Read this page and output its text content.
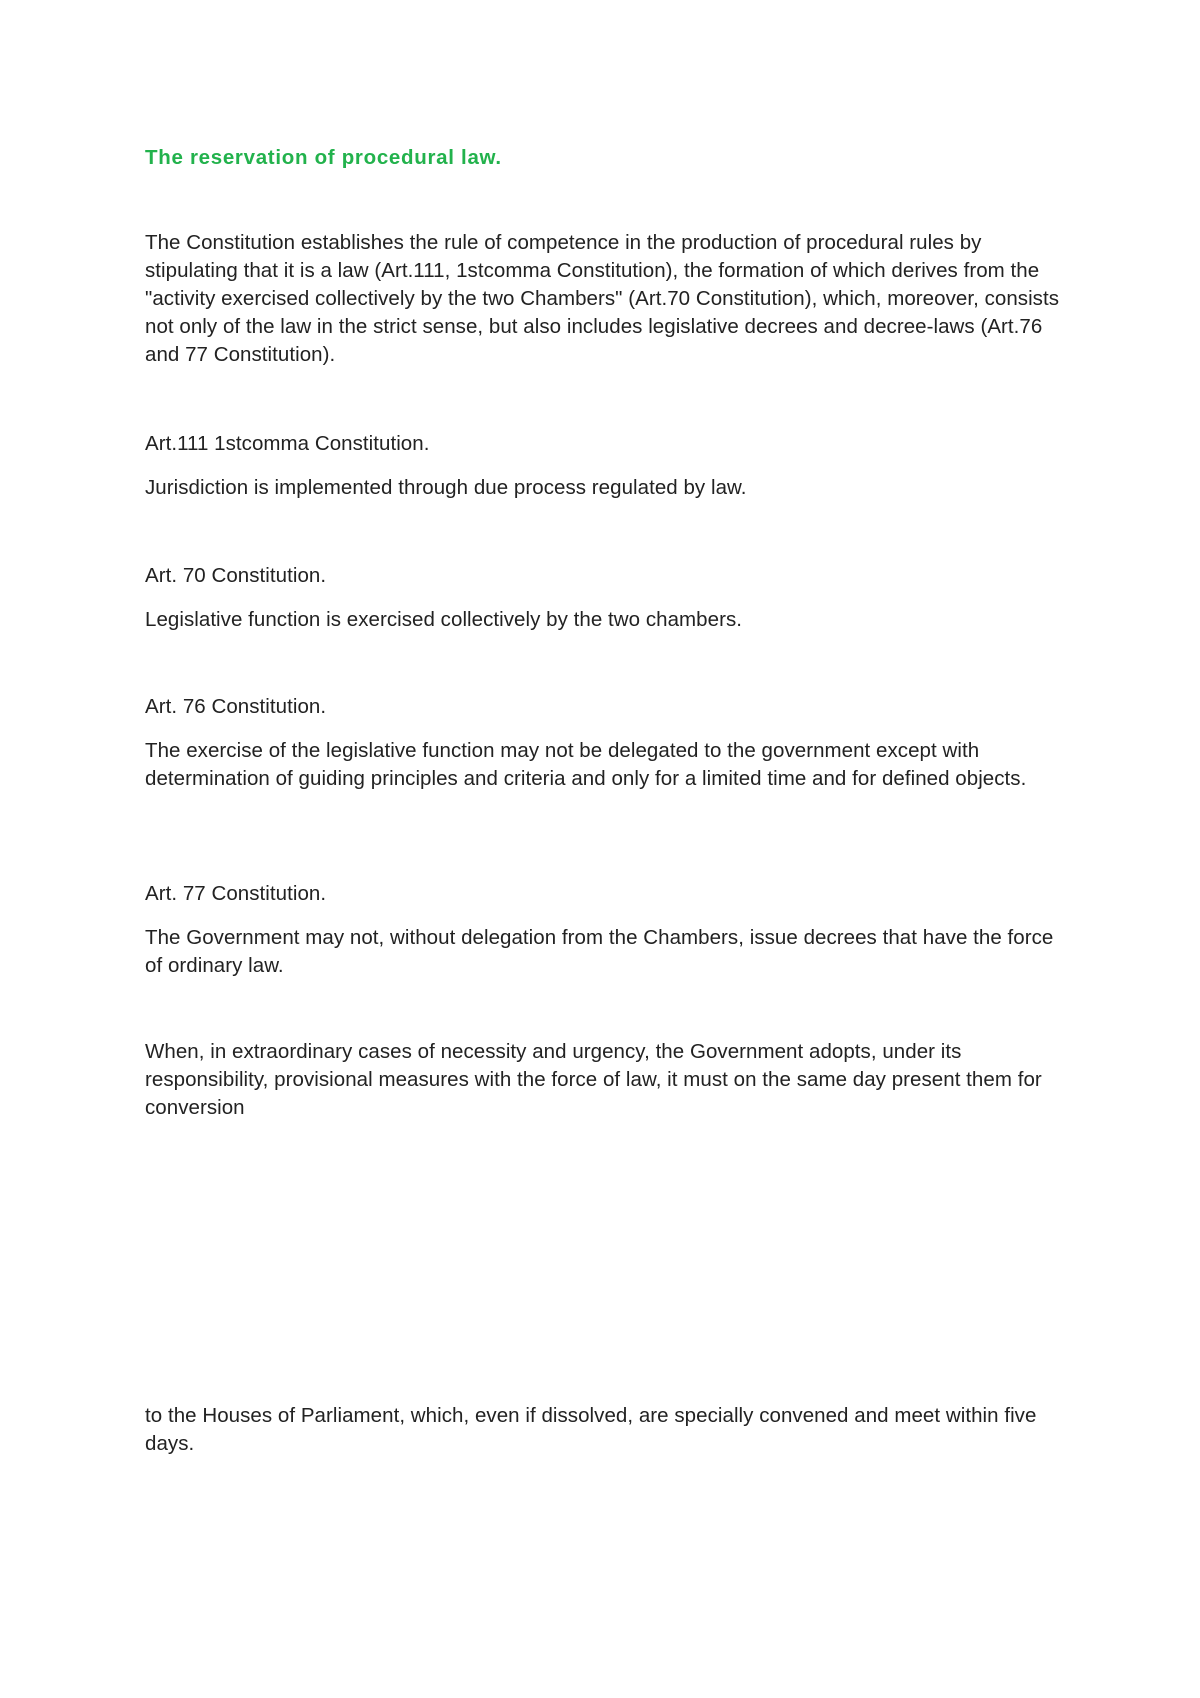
The reservation of procedural law.
The Constitution establishes the rule of competence in the production of procedural rules by stipulating that it is a law (Art.111, 1stcomma Constitution), the formation of which derives from the "activity exercised collectively by the two Chambers" (Art.70 Constitution), which, moreover, consists not only of the law in the strict sense, but also includes legislative decrees and decree-laws (Art.76 and 77 Constitution).
Art.111 1stcomma Constitution.
Jurisdiction is implemented through due process regulated by law.
Art. 70 Constitution.
Legislative function is exercised collectively by the two chambers.
Art. 76 Constitution.
The exercise of the legislative function may not be delegated to the government except with determination of guiding principles and criteria and only for a limited time and for defined objects.
Art. 77 Constitution.
The Government may not, without delegation from the Chambers, issue decrees that have the force of ordinary law.
When, in extraordinary cases of necessity and urgency, the Government adopts, under its responsibility, provisional measures with the force of law, it must on the same day present them for conversion
to the Houses of Parliament, which, even if dissolved, are specially convened and meet within five days.
